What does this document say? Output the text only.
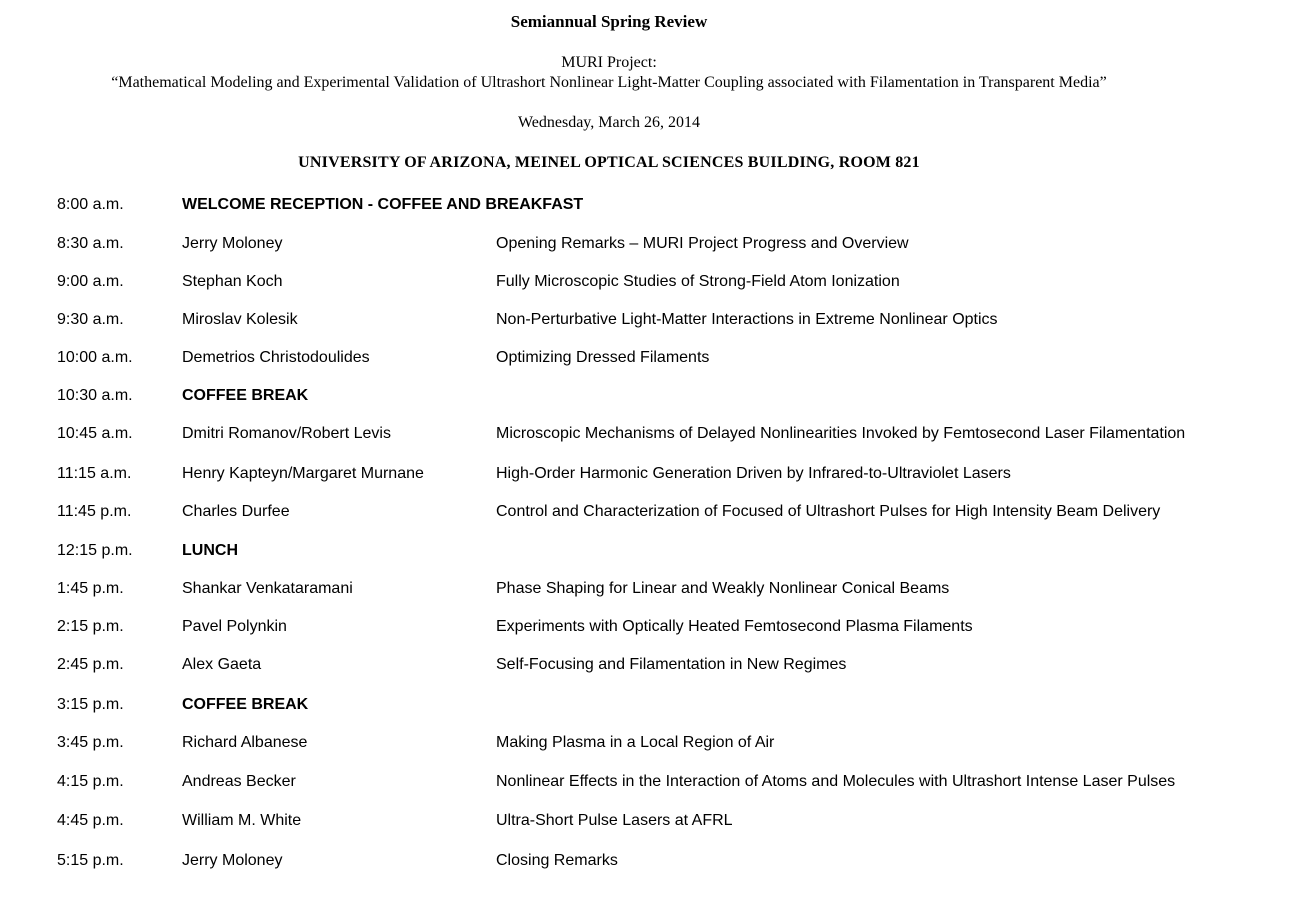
Semiannual Spring Review
MURI Project:
“Mathematical Modeling and Experimental Validation of Ultrashort Nonlinear Light-Matter Coupling associated with Filamentation in Transparent Media”
Wednesday, March 26, 2014
UNIVERSITY OF ARIZONA, MEINEL OPTICAL SCIENCES BUILDING, ROOM 821
8:00 a.m.	WELCOME RECEPTION - COFFEE AND BREAKFAST
8:30 a.m.	Jerry Moloney	Opening Remarks – MURI Project Progress and Overview
9:00 a.m.	Stephan Koch	Fully Microscopic Studies of Strong-Field Atom Ionization
9:30 a.m.	Miroslav Kolesik	Non-Perturbative Light-Matter Interactions in Extreme Nonlinear Optics
10:00 a.m.	Demetrios Christodoulides	Optimizing Dressed Filaments
10:30 a.m.	COFFEE BREAK
10:45 a.m.	Dmitri Romanov/Robert Levis	Microscopic Mechanisms of Delayed Nonlinearities Invoked by Femtosecond Laser Filamentation
11:15 a.m.	Henry Kapteyn/Margaret Murnane	High-Order Harmonic Generation Driven by Infrared-to-Ultraviolet Lasers
11:45 p.m.	Charles Durfee	Control and Characterization of Focused of Ultrashort Pulses for High Intensity Beam Delivery
12:15 p.m.	LUNCH
1:45 p.m.	Shankar Venkataramani	Phase Shaping for Linear and Weakly Nonlinear Conical Beams
2:15 p.m.	Pavel Polynkin	Experiments with Optically Heated Femtosecond Plasma Filaments
2:45 p.m.	Alex Gaeta	Self-Focusing and Filamentation in New Regimes
3:15 p.m.	COFFEE BREAK
3:45 p.m.	Richard Albanese	Making Plasma in a Local Region of Air
4:15 p.m.	Andreas Becker	Nonlinear Effects in the Interaction of Atoms and Molecules with Ultrashort Intense Laser Pulses
4:45 p.m.	William M. White	Ultra-Short Pulse Lasers at AFRL
5:15 p.m.	Jerry Moloney	Closing Remarks
